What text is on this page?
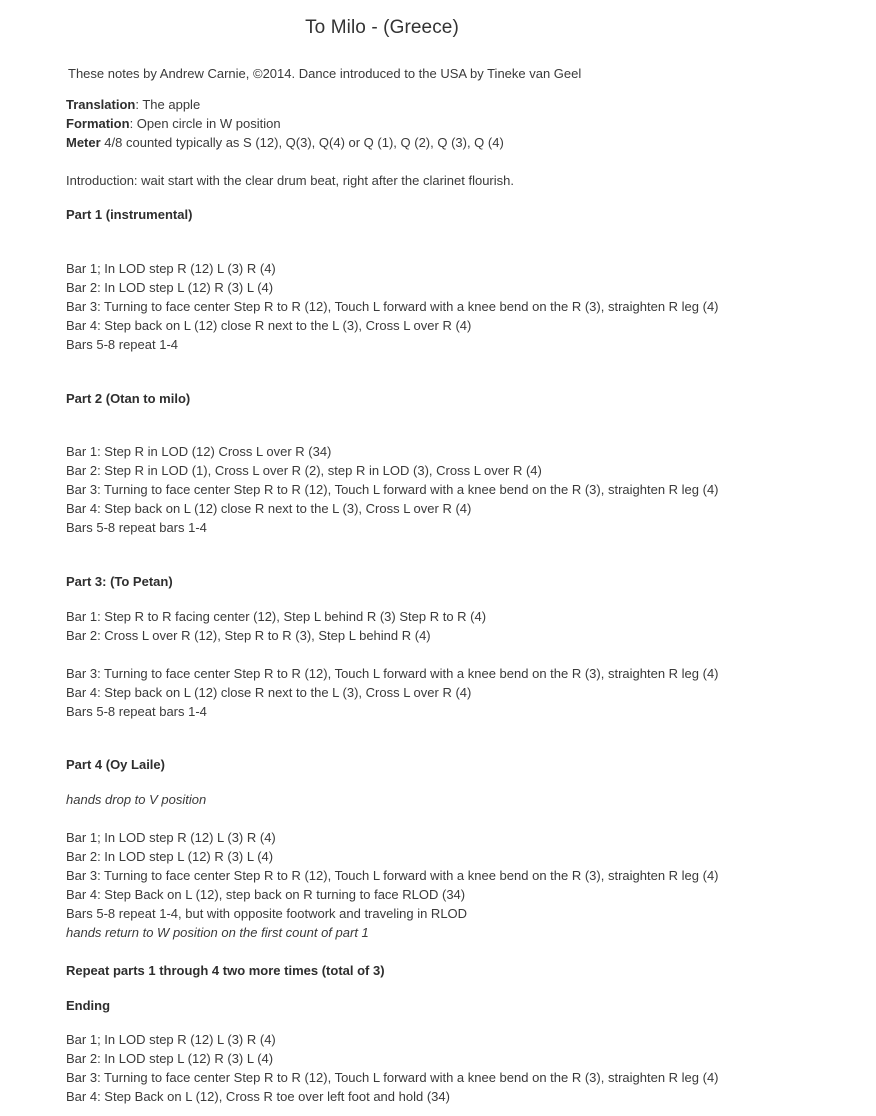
To Milo - (Greece)
These notes by Andrew Carnie, ©2014. Dance introduced to the USA by Tineke van Geel
Translation: The apple
Formation: Open circle in W position
Meter 4/8 counted typically as S (12), Q(3), Q(4) or Q (1), Q (2), Q (3), Q (4)
Introduction: wait start with the clear drum beat, right after the clarinet flourish.
Part 1 (instrumental)
Bar 1; In LOD step R (12) L (3) R (4)
Bar 2: In LOD step L (12) R (3) L (4)
Bar 3: Turning to face center Step R to R (12), Touch L forward with a knee bend on the R (3), straighten R leg (4)
Bar 4: Step back on L (12) close R next to the L (3), Cross L over R (4)
Bars 5-8 repeat 1-4
Part 2 (Otan to milo)
Bar 1: Step R in LOD (12) Cross L over R (34)
Bar 2: Step R in LOD (1), Cross L over R (2), step R in LOD (3), Cross L over R (4)
Bar 3: Turning to face center Step R to R (12), Touch L forward with a knee bend on the R (3), straighten R leg (4)
Bar 4: Step back on L (12) close R next to the L (3), Cross L over R (4)
Bars 5-8 repeat bars 1-4
Part 3: (To Petan)
Bar 1: Step R to R facing center (12), Step L behind R (3) Step R to R (4)
Bar 2: Cross L over R (12), Step R to R (3), Step L behind R (4)
Bar 3: Turning to face center Step R to R (12), Touch L forward with a knee bend on the R (3), straighten R leg (4)
Bar 4: Step back on L (12) close R next to the L (3), Cross L over R (4)
Bars 5-8 repeat bars 1-4
Part 4 (Oy Laile)
hands drop to V position
Bar 1; In LOD step R (12) L (3) R (4)
Bar 2: In LOD step L (12) R (3) L (4)
Bar 3: Turning to face center Step R to R (12), Touch L forward with a knee bend on the R (3), straighten R leg (4)
Bar 4: Step Back on L (12), step back on R turning to face RLOD (34)
Bars 5-8 repeat 1-4, but with opposite footwork and traveling in RLOD
hands return to W position on the first count of part 1
Repeat parts 1 through 4 two more times (total of 3)
Ending
Bar 1; In LOD step R (12) L (3) R (4)
Bar 2: In LOD step L (12) R (3) L (4)
Bar 3: Turning to face center Step R to R (12), Touch L forward with a knee bend on the R (3), straighten R leg (4)
Bar 4: Step Back on L (12), Cross R toe over left foot and hold (34)
